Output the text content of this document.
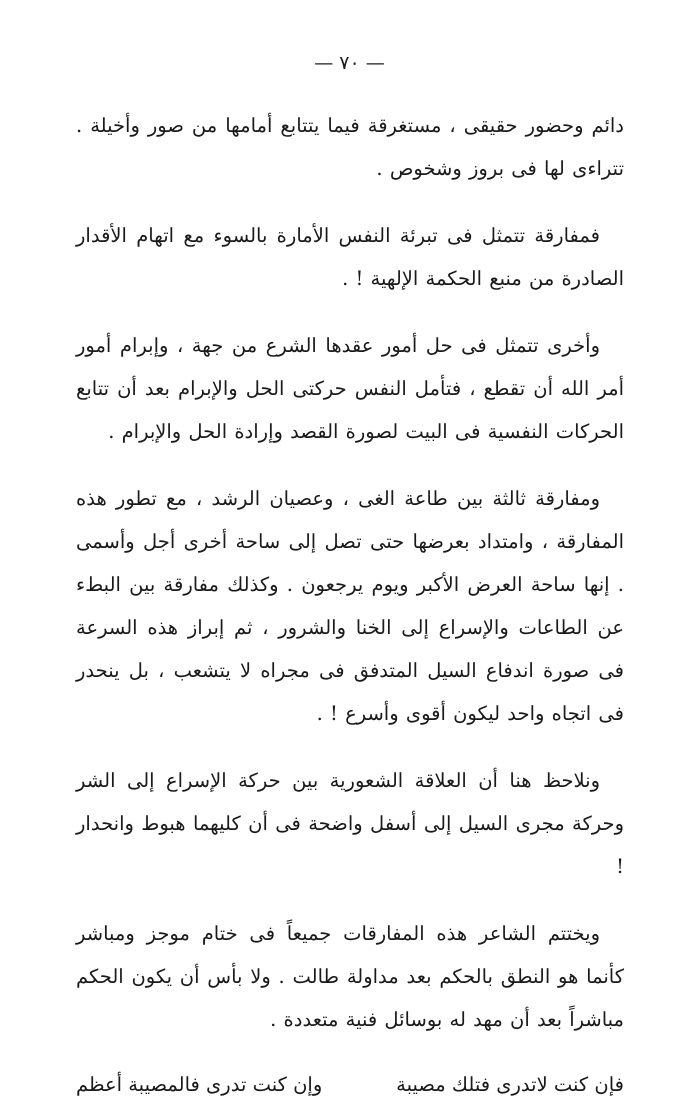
— ٧٠ —

دائم وحضور حقيقى ، مستغرقة فيما يتتابع أمامها من صور وأخيلة . تتراءى لها فى بروز وشخوص .

فمفارقة تتمثل فى تبرئة النفس الأمارة بالسوء مع اتهام الأقدار الصادرة من منبع الحكمة الإلهية ! .

وأخرى تتمثل فى حل أمور عقدها الشرع من جهة ، وإبرام أمور أمر الله أن تقطع ، فتأمل النفس حركتى الحل والإبرام بعد أن تتابع الحركات النفسية فى البيت لصورة القصد وإرادة الحل والإبرام .

ومفارقة ثالثة بين طاعة الغى ، وعصيان الرشد ، مع تطور هذه المفارقة ، وامتداد بعرضها حتى تصل إلى ساحة أخرى أجل وأسمى . إنها ساحة العرض الأكبر ويوم يرجعون . وكذلك مفارقة بين البطء عن الطاعات والإسراع إلى الخنا والشرور ، ثم إبراز هذه السرعة فى صورة اندفاع السيل المتدفق فى مجراه لا يتشعب ، بل ينحدر فى اتجاه واحد ليكون أقوى وأسرع ! .

ونلاحظ هنا أن العلاقة الشعورية بين حركة الإسراع إلى الشر وحركة مجرى السيل إلى أسفل واضحة فى أن كليهما هبوط وانحدار !

ويختتم الشاعر هذه المفارقات جميعاً فى ختام موجز ومباشر كأنما هو النطق بالحكم بعد مداولة طالت . ولا بأس أن يكون الحكم مباشراً بعد أن مهد له بوسائل فنية متعددة .

فإن كنت لاتدرى فتلك مصيبة
وإن كنت تدرى فالمصيبة أعظم
